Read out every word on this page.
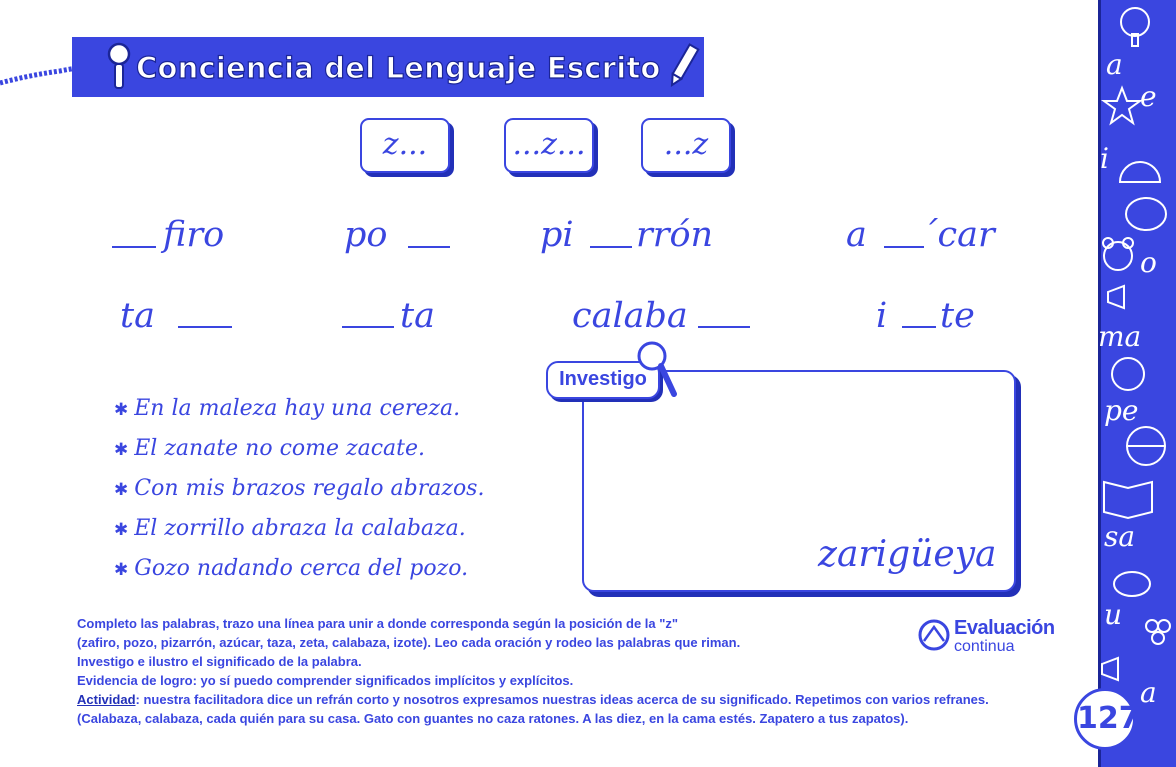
Conciencia del Lenguaje Escrito
z...	...z...	...z
firo	po	pi rrón	a ´car
ta	ta	calaba	i te
✱ En la maleza hay una cereza.
✱ El zanate no come zacate.
✱ Con mis brazos regalo abrazos.
✱ El zorrillo abraza la calabaza.
✱ Gozo nadando cerca del pozo.
Investigo
zarigüeya
Completo las palabras, trazo una línea para unir a donde corresponda según la posición de la "z"
(zafiro, pozo, pizarrón, azúcar, taza, zeta, calabaza, izote). Leo cada oración y rodeo las palabras que riman.
Investigo e ilustro el significado de la palabra.
Evidencia de logro: yo sí puedo comprender significados implícitos y explícitos.
Actividad: nuestra facilitadora dice un refrán corto y nosotros expresamos nuestras ideas acerca de su significado. Repetimos con varios refranes.
(Calabaza, calabaza, cada quién para su casa. Gato con guantes no caza ratones. A las diez, en la cama estés. Zapatero a tus zapatos).
Evaluación
continua
a
e
i
o
ma
pe
sa
u
a
127
